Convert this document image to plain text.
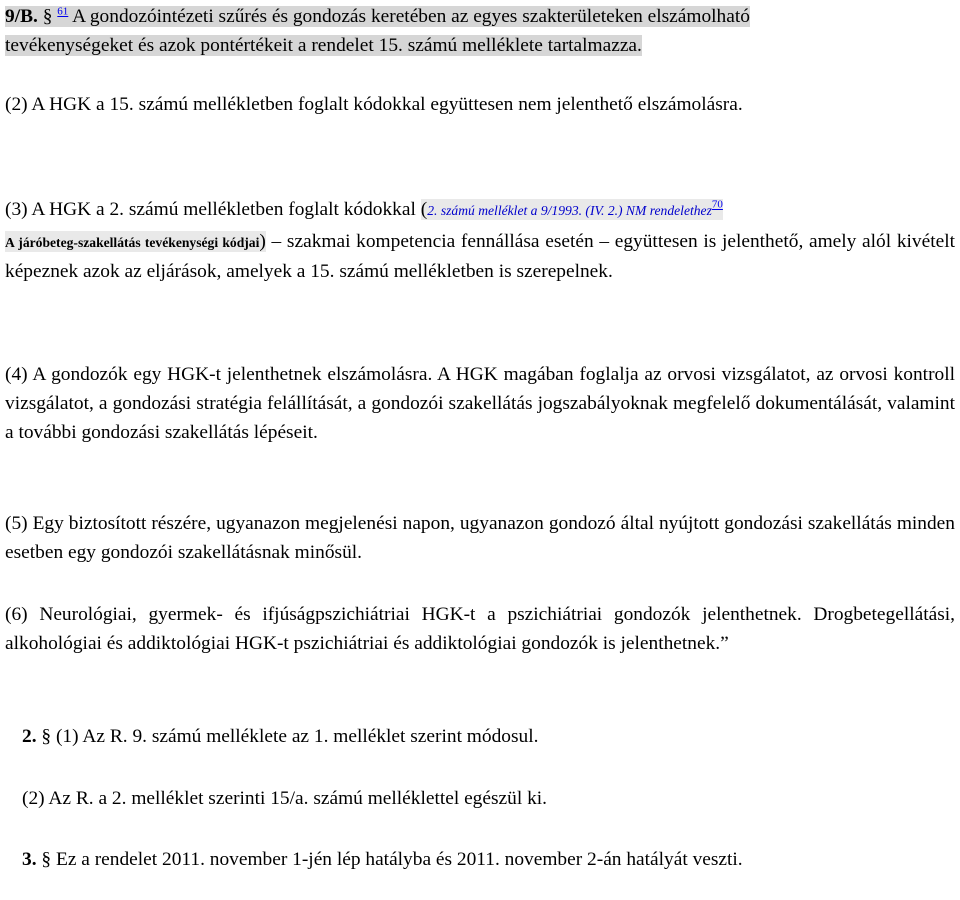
9/B. § $^{61}$ A gondozóintézeti szűrés és gondozás keretében az egyes szakterületeken elszámolható
tevékenységeket és azok pontértékeit a rendelet 15. számú melléklete tartalmazza.

(2) A HGK a 15. számú mellékletben foglalt kódokkal együttesen nem jelenthető elszámolásra.

(3) A HGK a 2. számú mellékletben foglalt kódokkal (2. számú melléklet a 9/1993. (IV. 2.) NM rendelethez$^{70}$

A járóbeteg-szakellátás tevékenységi kódjai) – szakmai kompetencia fennállása esetén – együttesen is jelenthető, amely alól kivételt képeznek azok az eljárások, amelyek a 15. számú mellékletben is szerepelnek.

(4) A gondozók egy HGK-t jelenthetnek elszámolásra. A HGK magában foglalja az orvosi vizsgálatot, az orvosi kontroll vizsgálatot, a gondozási stratégia felállítását, a gondozói szakellátás jogszabályoknak megfelelő dokumentálását, valamint a további gondozási szakellátás lépéseit.

(5) Egy biztosított részére, ugyanazon megjelenési napon, ugyanazon gondozó által nyújtott gondozási szakellátás minden esetben egy gondozói szakellátásnak minősül.

(6) Neurológiai, gyermek- és ifjúságpszichiátriai HGK-t a pszichiátriai gondozók jelenthetnek. Drogbetegellátási, alkohológiai és addiktológiai HGK-t pszichiátriai és addiktológiai gondozók is jelenthetnek.”

2. § (1) Az R. 9. számú melléklete az 1. melléklet szerint módosul.

(2) Az R. a 2. melléklet szerinti 15/a. számú melléklettel egészül ki.

3. § Ez a rendelet 2011. november 1-jén lép hatályba és 2011. november 2-án hatályát veszti.
